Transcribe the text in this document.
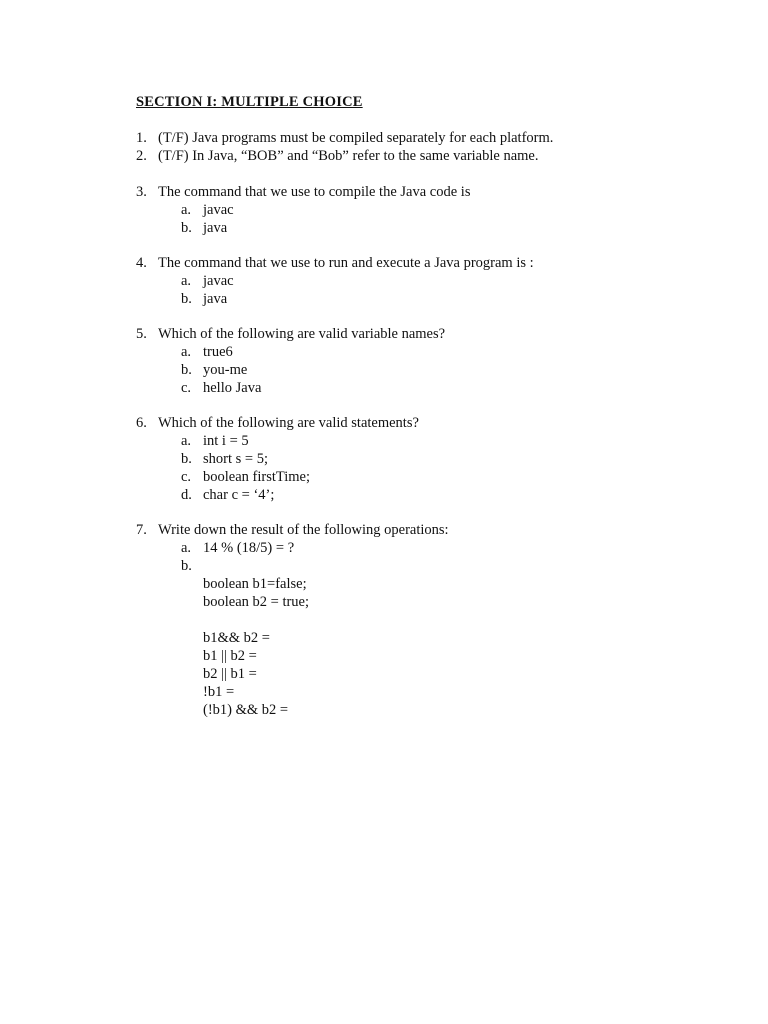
SECTION I: MULTIPLE CHOICE
1. (T/F) Java programs must be compiled separately for each platform.
2. (T/F) In Java, “BOB” and “Bob” refer to the same variable name.
3. The command that we use to compile the Java code is
a. javac
b. java
4. The command that we use to run and execute a Java program is :
a. javac
b. java
5. Which of the following are valid variable names?
a. true6
b. you-me
c. hello Java
6. Which of the following are valid statements?
a. int i = 5
b. short s = 5;
c. boolean firstTime;
d. char c = ‘4’;
7. Write down the result of the following operations:
a. 14 % (18/5) = ?
b.
boolean b1=false;
boolean b2 = true;
b1&& b2 =
b1 || b2 =
b2 || b1 =
!b1 =
(!b1) && b2 =
